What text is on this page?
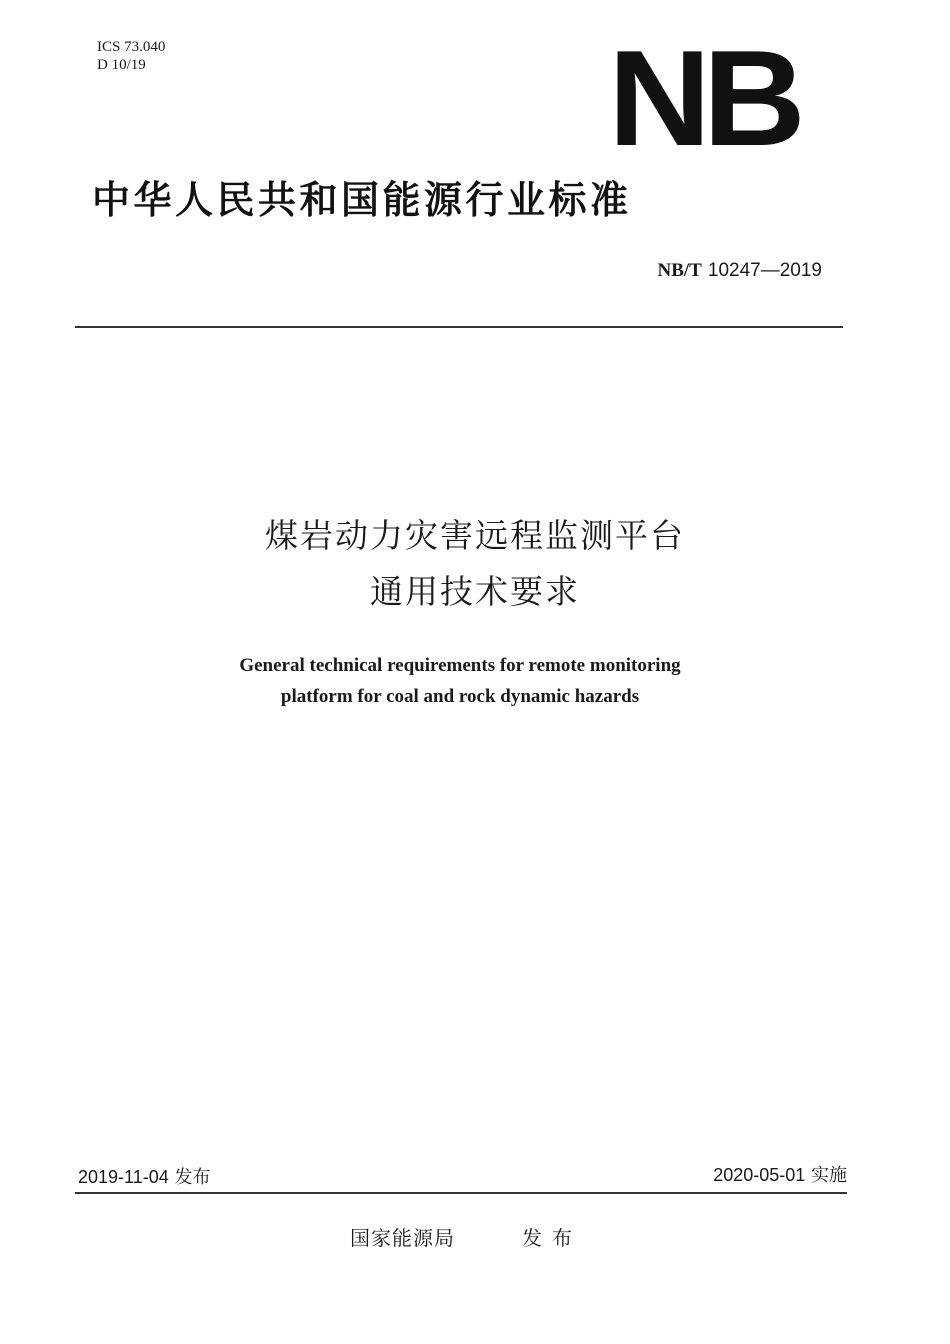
ICS 73.040
D 10/19	NB
中华人民共和国能源行业标准
NB/T 10247—2019
煤岩动力灾害远程监测平台
通用技术要求
General technical requirements for remote monitoring
platform for coal and rock dynamic hazards
2019-11-04 发布	2020-05-01 实施
国家能源局	发布
